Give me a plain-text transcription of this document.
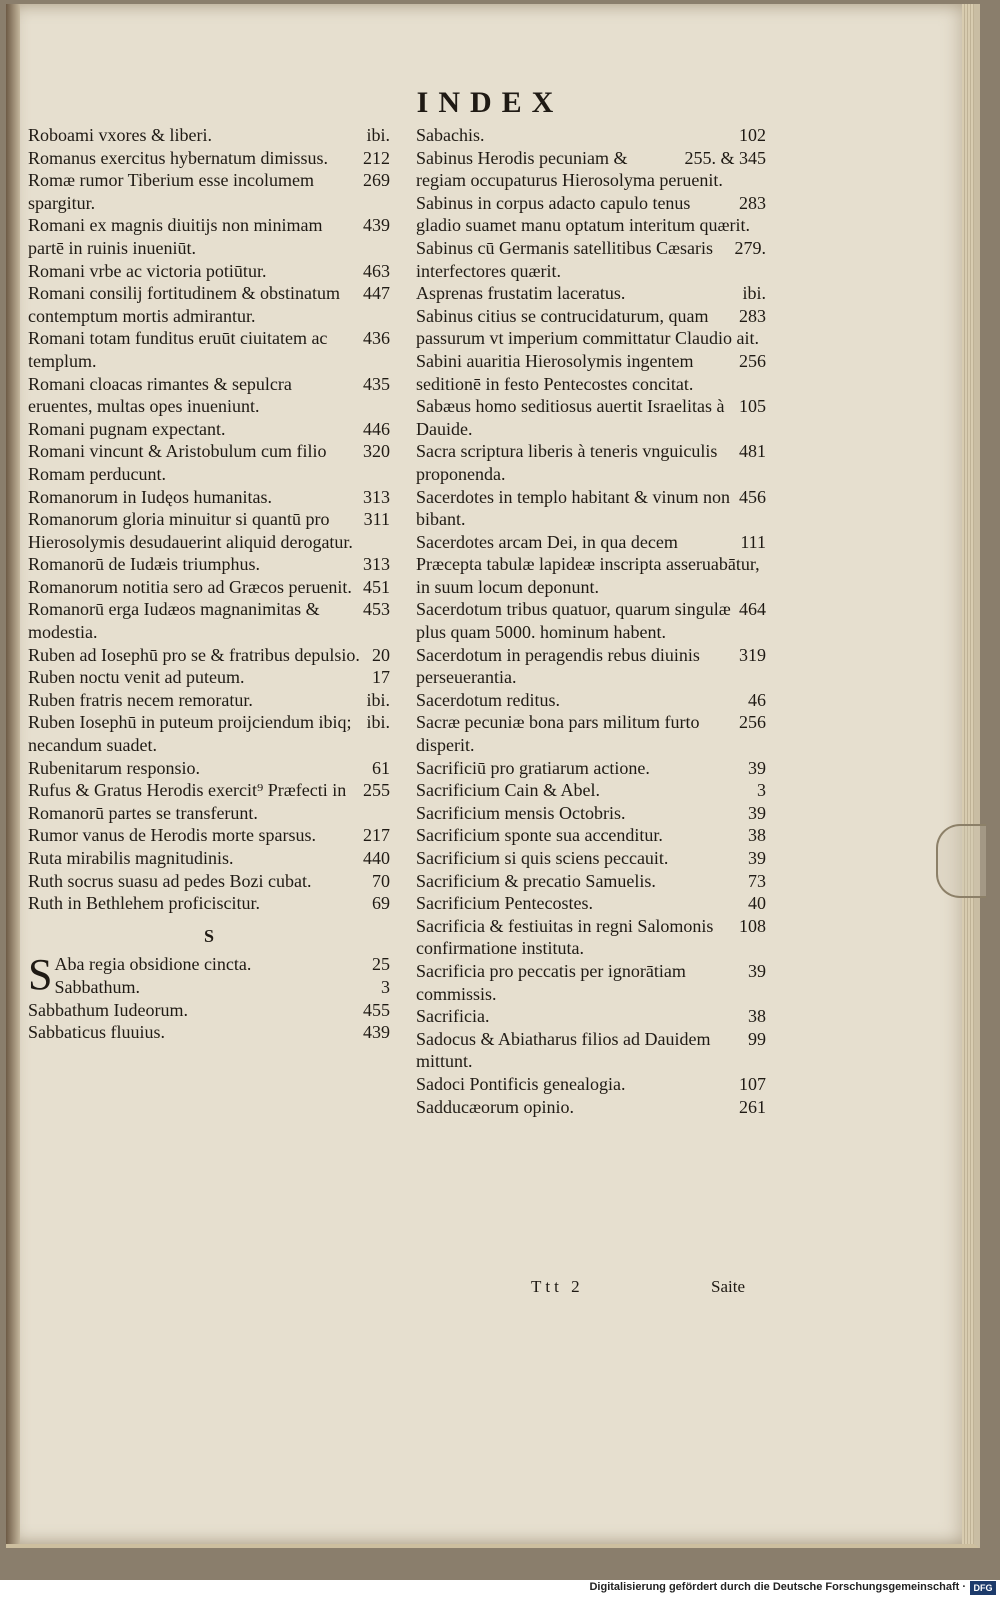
INDEX
ibi.
Roboami vxores & liberi.
212
Romanus exercitus hybernatum dimissus.
269
Romæ rumor Tiberium esse incolumem spargitur.
439
Romani ex magnis diuitijs non minimam partē in ruinis inueniūt.
463
Romani vrbe ac victoria potiūtur.
447
Romani consilij fortitudinem & obstinatum contemptum mortis admirantur.
436
Romani totam funditus eruūt ciuitatem ac templum.
435
Romani cloacas rimantes & sepulcra eruentes, multas opes inueniunt.
446
Romani pugnam expectant.
320
Romani vincunt & Aristobulum cum filio Romam perducunt.
313
Romanorum in Iudęos humanitas.
311
Romanorum gloria minuitur si quantū pro Hierosolymis desudauerint aliquid derogatur.
313
Romanorū de Iudæis triumphus.
451
Romanorum notitia sero ad Græcos peruenit.
453
Romanorū erga Iudæos magnanimitas & modestia.
20
Ruben ad Iosephū pro se & fratribus depulsio.
17
Ruben noctu venit ad puteum.
ibi.
Ruben fratris necem remoratur.
ibi.
Ruben Iosephū in puteum proijciendum ibiq; necandum suadet.
61
Rubenitarum responsio.
255
Rufus & Gratus Herodis exercit⁹ Præfecti in Romanorū partes se transferunt.
217
Rumor vanus de Herodis morte sparsus.
440
Ruta mirabilis magnitudinis.
70
Ruth socrus suasu ad pedes Bozi cubat.
69
Ruth in Bethlehem proficiscitur.
S
S	25
Aba regia obsidione cincta.
3
Sabbathum.
455
Sabbathum Iudeorum.
439
Sabbaticus fluuius.
102
Sabachis.
255. & 345
Sabinus Herodis pecuniam & regiam occupaturus Hierosolyma peruenit.
283
Sabinus in corpus adacto capulo tenus gladio suamet manu optatum interitum quærit.
279.
Sabinus cū Germanis satellitibus Cæsaris interfectores quærit.
ibi.
Asprenas frustatim laceratus.
283
Sabinus citius se contrucidaturum, quam passurum vt imperium committatur Claudio ait.
256
Sabini auaritia Hierosolymis ingentem seditionē in festo Pentecostes concitat.
105
Sabæus homo seditiosus auertit Israelitas à Dauide.
481
Sacra scriptura liberis à teneris vnguiculis proponenda.
456
Sacerdotes in templo habitant & vinum non bibant.
111
Sacerdotes arcam Dei, in qua decem Præcepta tabulæ lapideæ inscripta asseruabātur, in suum locum deponunt.
464
Sacerdotum tribus quatuor, quarum singulæ plus quam 5000. hominum habent.
319
Sacerdotum in peragendis rebus diuinis perseuerantia.
46
Sacerdotum reditus.
256
Sacræ pecuniæ bona pars militum furto disperit.
39
Sacrificiū pro gratiarum actione.
3
Sacrificium Cain & Abel.
39
Sacrificium mensis Octobris.
38
Sacrificium sponte sua accenditur.
39
Sacrificium si quis sciens peccauit.
73
Sacrificium & precatio Samuelis.
40
Sacrificium Pentecostes.
108
Sacrificia & festiuitas in regni Salomonis confirmatione instituta.
39
Sacrificia pro peccatis per ignorātiam commissis.
38
Sacrificia.
99
Sadocus & Abiatharus filios ad Dauidem mittunt.
107
Sadoci Pontificis genealogia.
261
Sadducæorum opinio.
Ttt 2	Saite
Digitalisierung gefördert durch die Deutsche Forschungsgemeinschaft · DFG
